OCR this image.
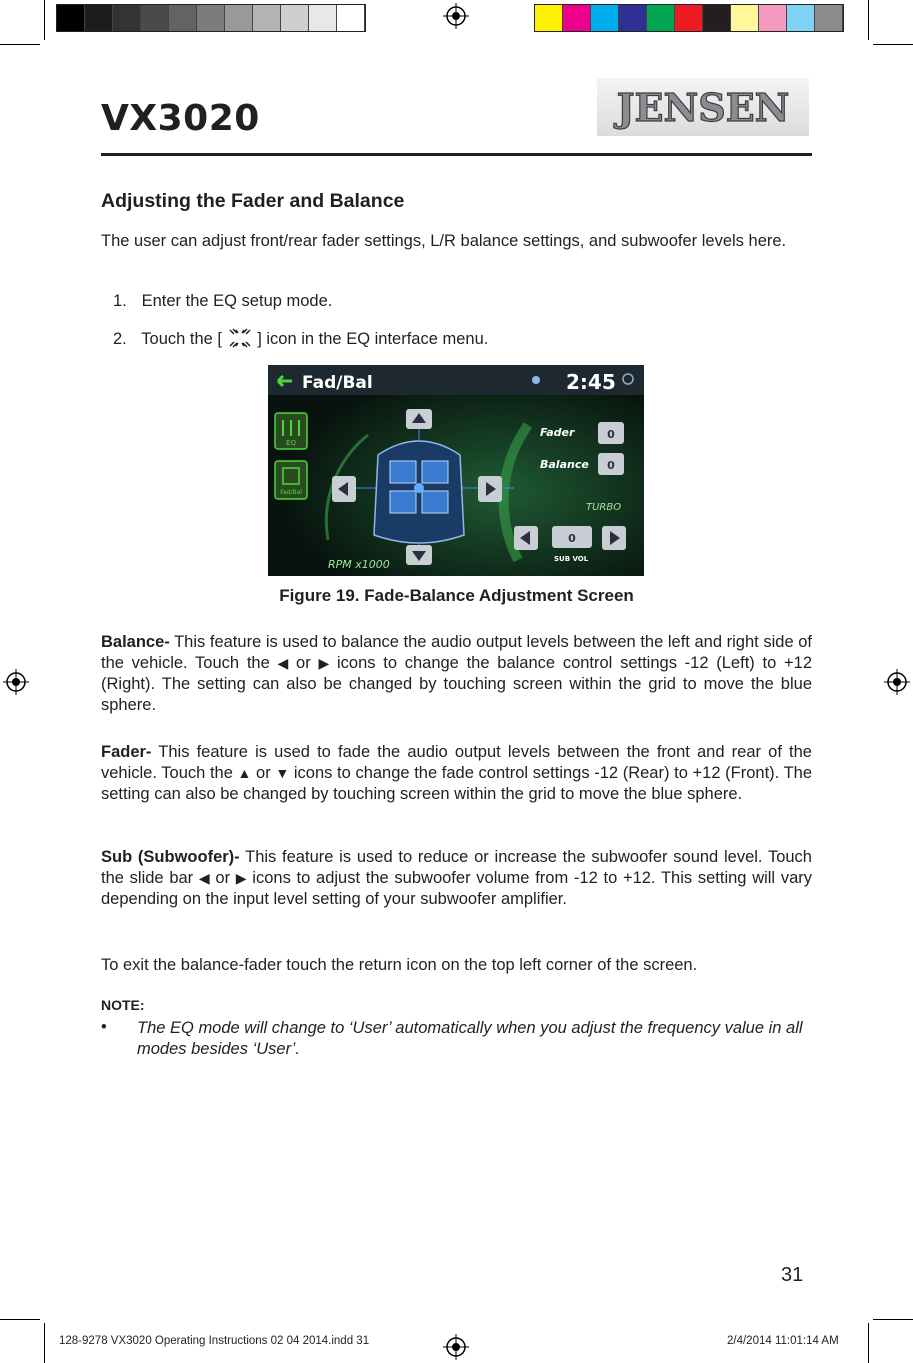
VX3020	JENSEN
Adjusting the Fader and Balance
The user can adjust front/rear fader settings, L/R balance settings, and subwoofer levels here.
1. Enter the EQ setup mode.
2. Touch the [ ] icon in the EQ interface menu.
Fad/Bal	2:45
EQ
Fad/Bal
Fader	0
Balance 0
TURBO
RPM x1000
0
SUB VOL
Figure 19. Fade-Balance Adjustment Screen
Balance- This feature is used to balance the audio output levels between the left and right side of the vehicle. Touch the ◀ or ▶ icons to change the balance control settings -12 (Left) to +12 (Right). The setting can also be changed by touching screen within the grid to move the blue sphere.
Fader- This feature is used to fade the audio output levels between the front and rear of the vehicle. Touch the ▲ or ▼ icons to change the fade control settings -12 (Rear) to +12 (Front). The setting can also be changed by touching screen within the grid to move the blue sphere.
Sub (Subwoofer)- This feature is used to reduce or increase the subwoofer sound level. Touch the slide bar ◀ or ▶ icons to adjust the subwoofer volume from -12 to +12. This setting will vary depending on the input level setting of your subwoofer amplifier.
To exit the balance-fader touch the return icon on the top left corner of the screen.
NOTE:
• The EQ mode will change to ‘User’ automatically when you adjust the frequency value in all modes besides ‘User’.
31
128-9278 VX3020 Operating Instructions 02 04 2014.indd 31	2/4/2014 11:01:14 AM
